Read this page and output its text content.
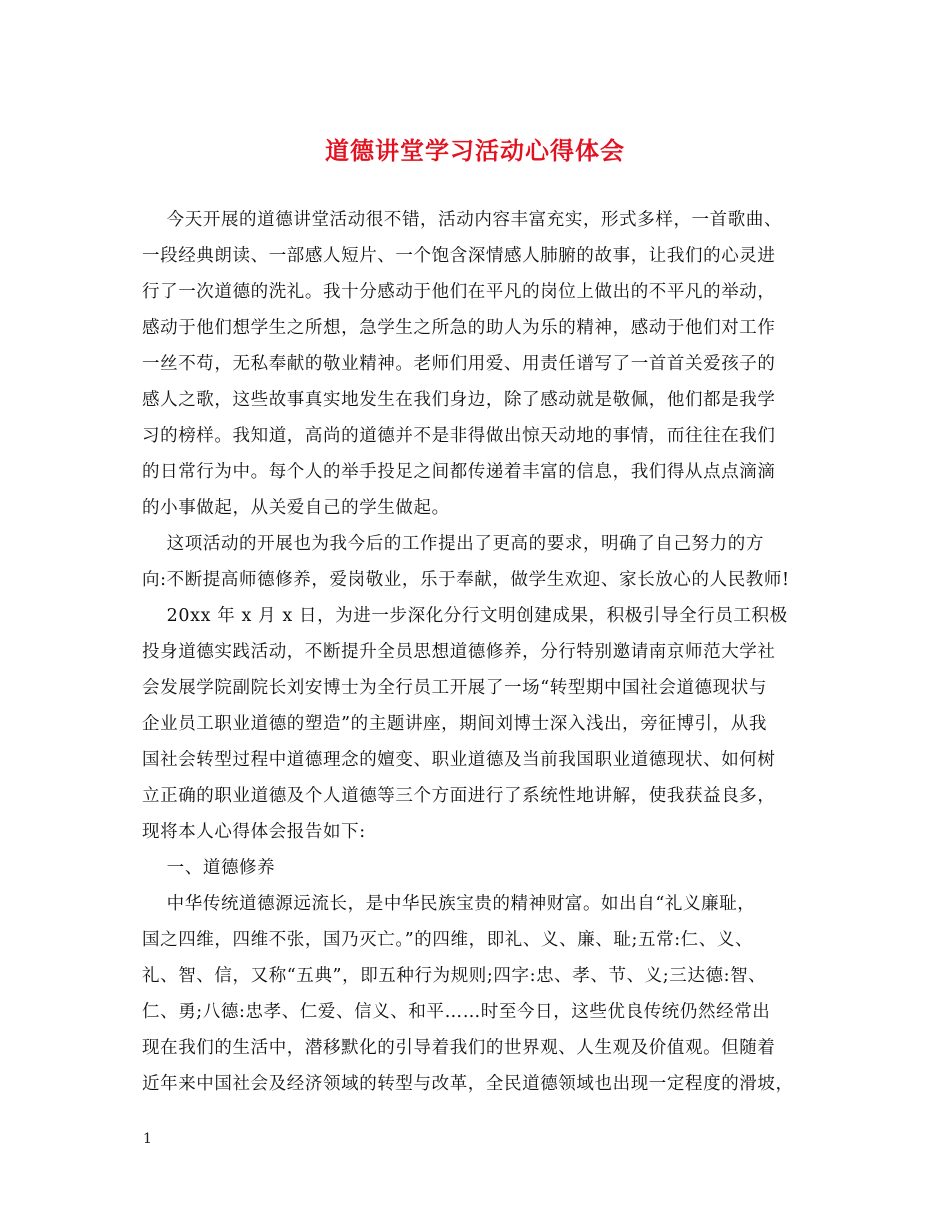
道德讲堂学习活动心得体会
今天开展的道德讲堂活动很不错，活动内容丰富充实，形式多样，一首歌曲、
一段经典朗读、一部感人短片、一个饱含深情感人肺腑的故事，让我们的心灵进
行了一次道德的洗礼。我十分感动于他们在平凡的岗位上做出的不平凡的举动，
感动于他们想学生之所想，急学生之所急的助人为乐的精神，感动于他们对工作
一丝不苟，无私奉献的敬业精神。老师们用爱、用责任谱写了一首首关爱孩子的
感人之歌，这些故事真实地发生在我们身边，除了感动就是敬佩，他们都是我学
习的榜样。我知道，高尚的道德并不是非得做出惊天动地的事情，而往往在我们
的日常行为中。每个人的举手投足之间都传递着丰富的信息，我们得从点点滴滴
的小事做起，从关爱自己的学生做起。
这项活动的开展也为我今后的工作提出了更高的要求，明确了自己努力的方
向:不断提高师德修养，爱岗敬业，乐于奉献，做学生欢迎、家长放心的人民教师!
20xx 年 x 月 x 日，为进一步深化分行文明创建成果，积极引导全行员工积极
投身道德实践活动，不断提升全员思想道德修养，分行特别邀请南京师范大学社
会发展学院副院长刘安博士为全行员工开展了一场“转型期中国社会道德现状与
企业员工职业道德的塑造”的主题讲座，期间刘博士深入浅出，旁征博引，从我
国社会转型过程中道德理念的嬗变、职业道德及当前我国职业道德现状、如何树
立正确的职业道德及个人道德等三个方面进行了系统性地讲解，使我获益良多，
现将本人心得体会报告如下:
一、道德修养
中华传统道德源远流长，是中华民族宝贵的精神财富。如出自“礼义廉耻，
国之四维，四维不张，国乃灭亡。”的四维，即礼、义、廉、耻;五常:仁、义、
礼、智、信，又称“五典”，即五种行为规则;四字:忠、孝、节、义;三达德:智、
仁、勇;八德:忠孝、仁爱、信义、和平……时至今日，这些优良传统仍然经常出
现在我们的生活中，潜移默化的引导着我们的世界观、人生观及价值观。但随着
近年来中国社会及经济领域的转型与改革，全民道德领域也出现一定程度的滑坡，
1
